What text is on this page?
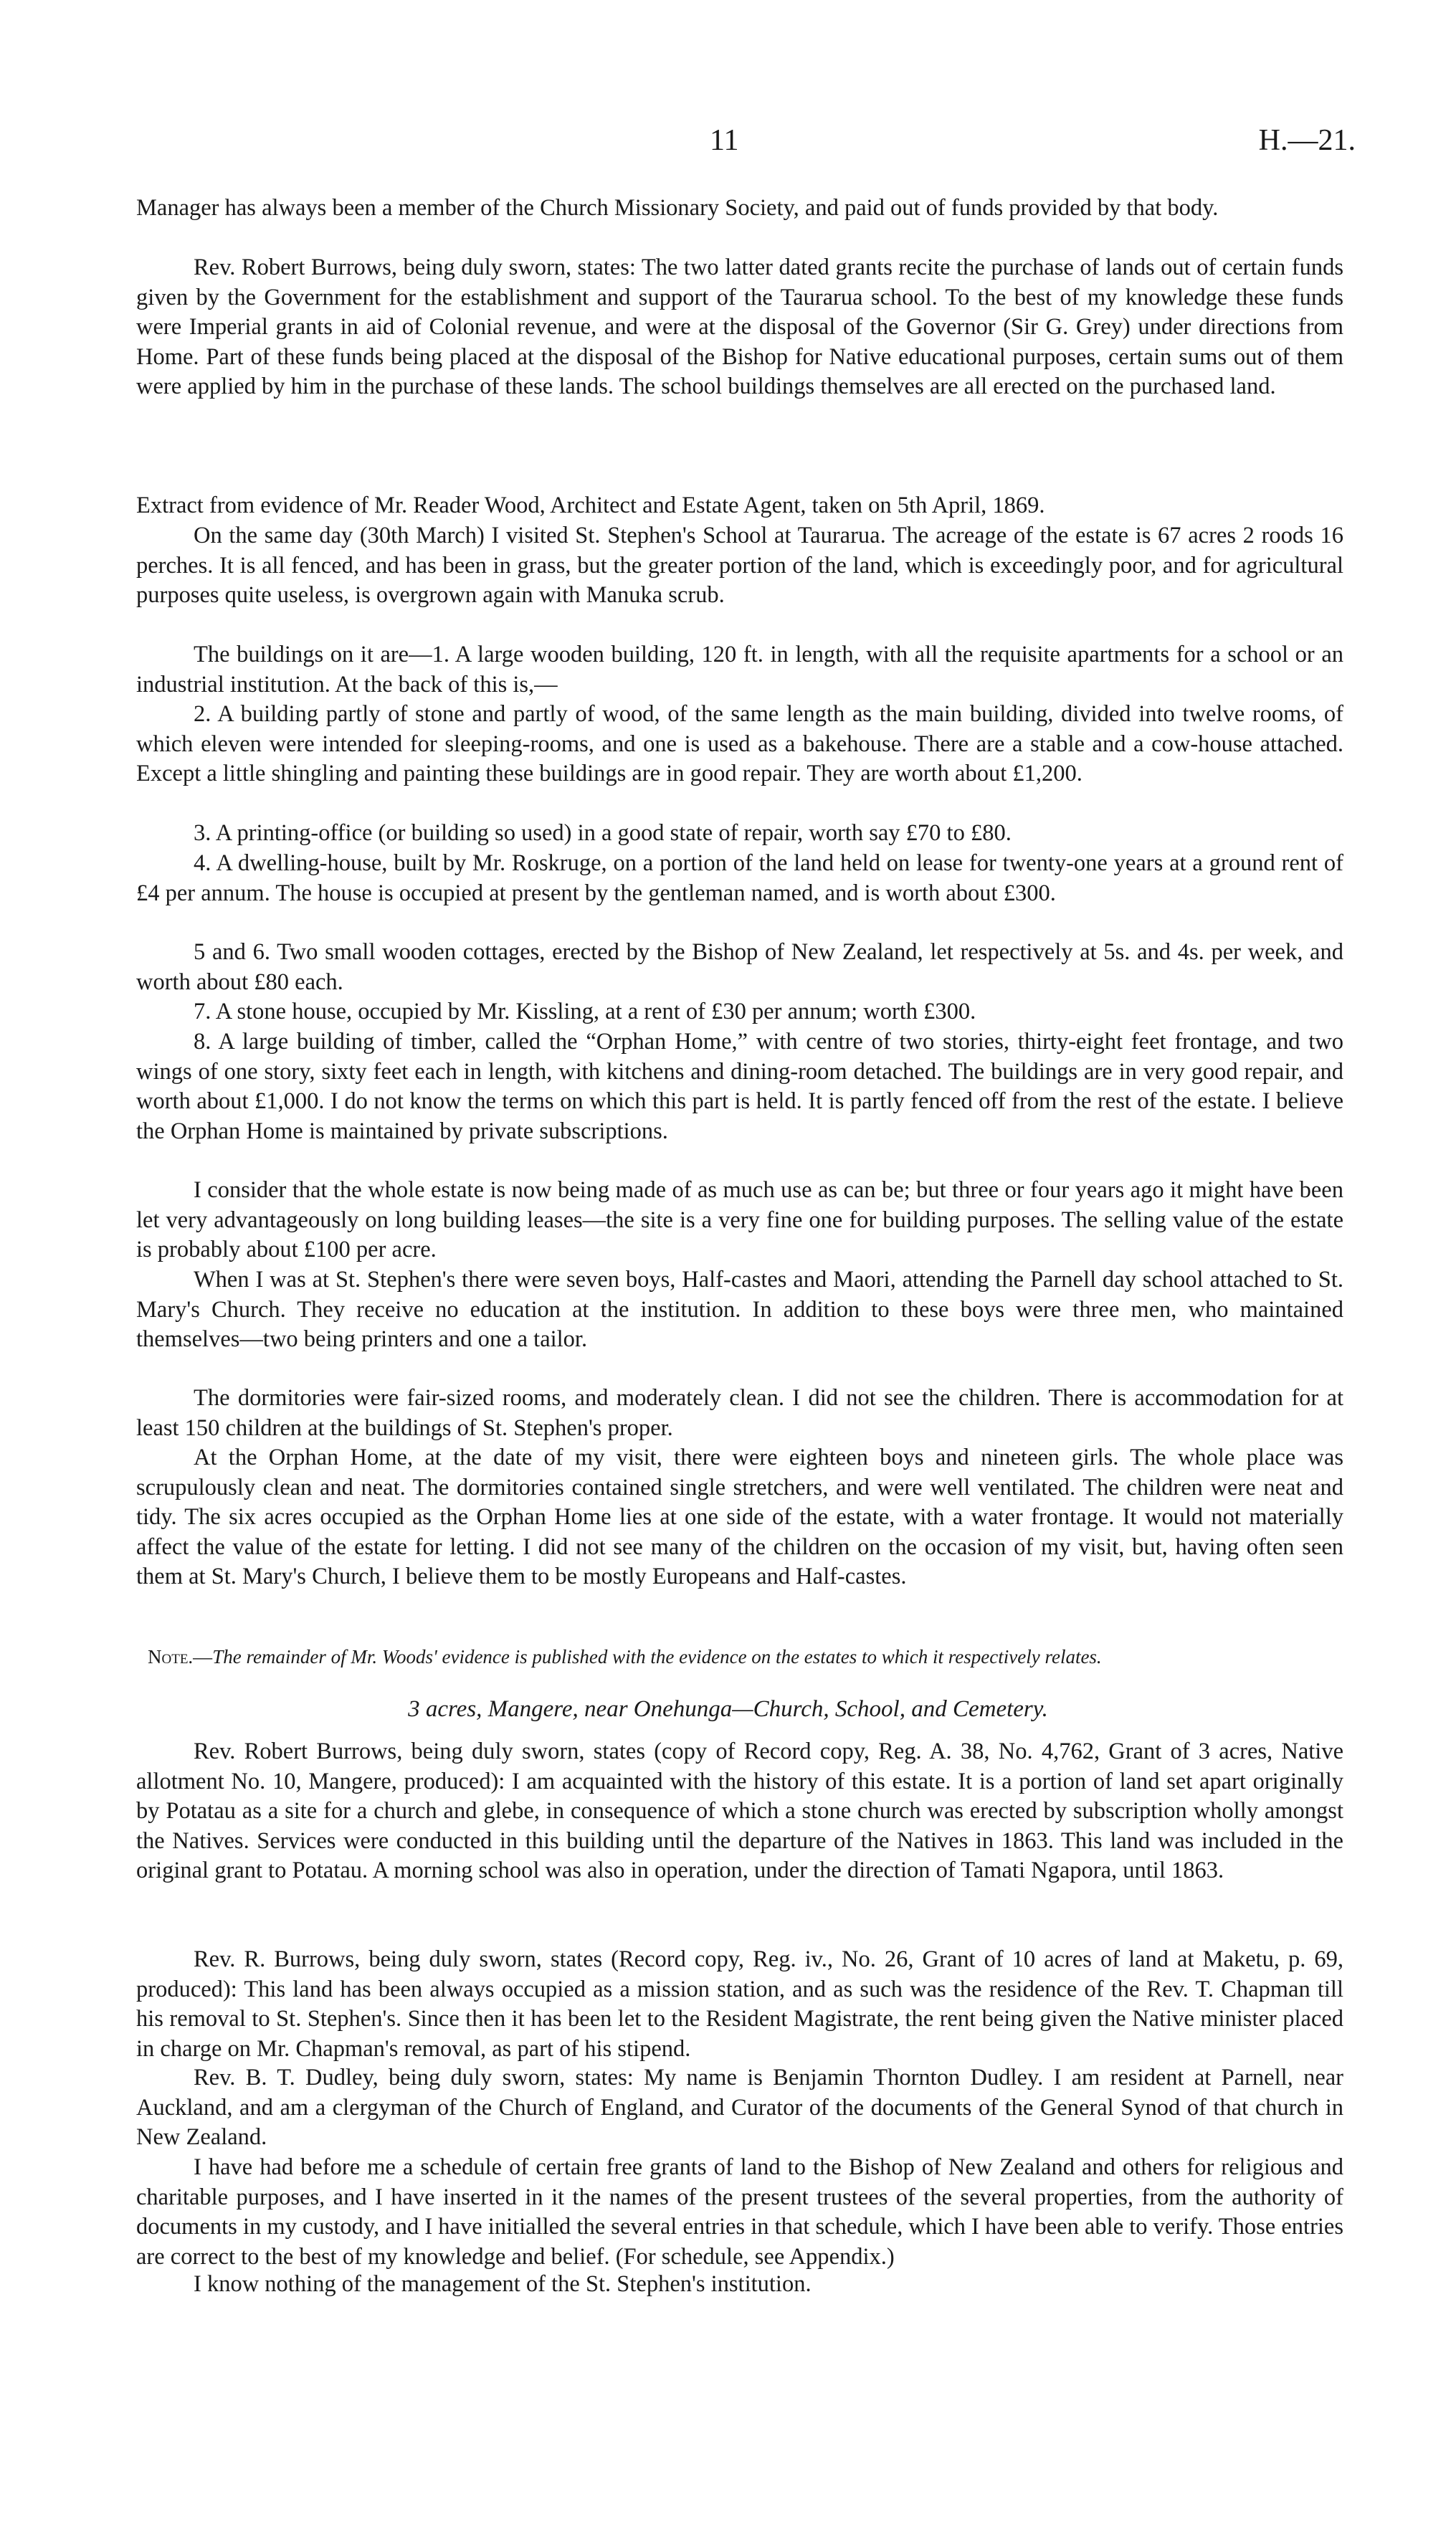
11	H.—21.

Manager has always been a member of the Church Missionary Society, and paid out of funds provided by that body.

Rev. Robert Burrows, being duly sworn, states: The two latter dated grants recite the purchase of lands out of certain funds given by the Government for the establishment and support of the Taurarua school. To the best of my knowledge these funds were Imperial grants in aid of Colonial revenue, and were at the disposal of the Governor (Sir G. Grey) under directions from Home. Part of these funds being placed at the disposal of the Bishop for Native educational purposes, certain sums out of them were applied by him in the purchase of these lands. The school buildings themselves are all erected on the purchased land.

Extract from evidence of Mr. Reader Wood, Architect and Estate Agent, taken on 5th April, 1869.

On the same day (30th March) I visited St. Stephen's School at Taurarua. The acreage of the estate is 67 acres 2 roods 16 perches. It is all fenced, and has been in grass, but the greater portion of the land, which is exceedingly poor, and for agricultural purposes quite useless, is overgrown again with Manuka scrub.

The buildings on it are—1. A large wooden building, 120 ft. in length, with all the requisite apartments for a school or an industrial institution. At the back of this is,—

2. A building partly of stone and partly of wood, of the same length as the main building, divided into twelve rooms, of which eleven were intended for sleeping-rooms, and one is used as a bakehouse. There are a stable and a cow-house attached. Except a little shingling and painting these buildings are in good repair. They are worth about £1,200.

3. A printing-office (or building so used) in a good state of repair, worth say £70 to £80.

4. A dwelling-house, built by Mr. Roskruge, on a portion of the land held on lease for twenty-one years at a ground rent of £4 per annum. The house is occupied at present by the gentleman named, and is worth about £300.

5 and 6. Two small wooden cottages, erected by the Bishop of New Zealand, let respectively at 5s. and 4s. per week, and worth about £80 each.

7. A stone house, occupied by Mr. Kissling, at a rent of £30 per annum; worth £300.

8. A large building of timber, called the “Orphan Home,” with centre of two stories, thirty-eight feet frontage, and two wings of one story, sixty feet each in length, with kitchens and dining-room detached. The buildings are in very good repair, and worth about £1,000. I do not know the terms on which this part is held. It is partly fenced off from the rest of the estate. I believe the Orphan Home is maintained by private subscriptions.

I consider that the whole estate is now being made of as much use as can be; but three or four years ago it might have been let very advantageously on long building leases—the site is a very fine one for building purposes. The selling value of the estate is probably about £100 per acre.

When I was at St. Stephen's there were seven boys, Half-castes and Maori, attending the Parnell day school attached to St. Mary's Church. They receive no education at the institution. In addition to these boys were three men, who maintained themselves—two being printers and one a tailor.

The dormitories were fair-sized rooms, and moderately clean. I did not see the children. There is accommodation for at least 150 children at the buildings of St. Stephen's proper.

At the Orphan Home, at the date of my visit, there were eighteen boys and nineteen girls. The whole place was scrupulously clean and neat. The dormitories contained single stretchers, and were well ventilated. The children were neat and tidy. The six acres occupied as the Orphan Home lies at one side of the estate, with a water frontage. It would not materially affect the value of the estate for letting. I did not see many of the children on the occasion of my visit, but, having often seen them at St. Mary's Church, I believe them to be mostly Europeans and Half-castes.

Note.—The remainder of Mr. Woods' evidence is published with the evidence on the estates to which it respectively relates.

3 acres, Mangere, near Onehunga—Church, School, and Cemetery.

Rev. Robert Burrows, being duly sworn, states (copy of Record copy, Reg. A. 38, No. 4,762, Grant of 3 acres, Native allotment No. 10, Mangere, produced): I am acquainted with the history of this estate. It is a portion of land set apart originally by Potatau as a site for a church and glebe, in consequence of which a stone church was erected by subscription wholly amongst the Natives. Services were conducted in this building until the departure of the Natives in 1863. This land was included in the original grant to Potatau. A morning school was also in operation, under the direction of Tamati Ngapora, until 1863.

Rev. R. Burrows, being duly sworn, states (Record copy, Reg. iv., No. 26, Grant of 10 acres of land at Maketu, p. 69, produced): This land has been always occupied as a mission station, and as such was the residence of the Rev. T. Chapman till his removal to St. Stephen's. Since then it has been let to the Resident Magistrate, the rent being given the Native minister placed in charge on Mr. Chapman's removal, as part of his stipend.

Rev. B. T. Dudley, being duly sworn, states: My name is Benjamin Thornton Dudley. I am resident at Parnell, near Auckland, and am a clergyman of the Church of England, and Curator of the documents of the General Synod of that church in New Zealand.

I have had before me a schedule of certain free grants of land to the Bishop of New Zealand and others for religious and charitable purposes, and I have inserted in it the names of the present trustees of the several properties, from the authority of documents in my custody, and I have initialled the several entries in that schedule, which I have been able to verify. Those entries are correct to the best of my knowledge and belief. (For schedule, see Appendix.)

I know nothing of the management of the St. Stephen's institution.
